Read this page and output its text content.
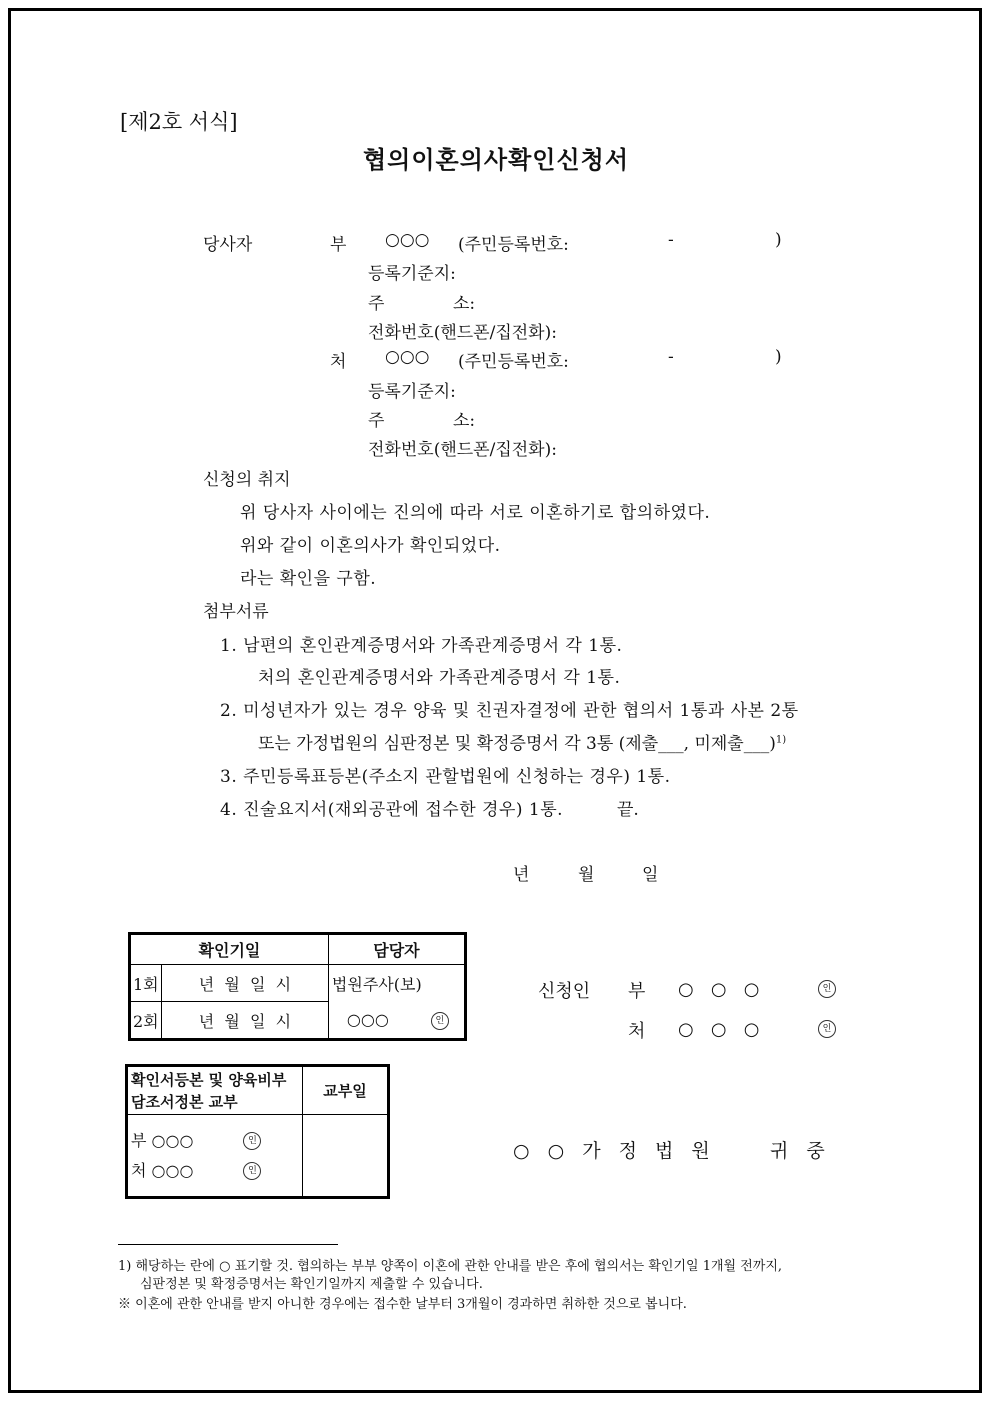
[제2호 서식]
협의이혼의사확인신청서
당사자	부 ○○○ (주민등록번호:	-	)
등록기준지:
주	소:
전화번호(핸드폰/집전화):
처 ○○○ (주민등록번호:	-	)
등록기준지:
주	소:
전화번호(핸드폰/집전화):
신청의 취지
위 당사자 사이에는 진의에 따라 서로 이혼하기로 합의하였다.
위와 같이 이혼의사가 확인되었다.
라는 확인을 구함.
첨부서류
1. 남편의 혼인관계증명서와 가족관계증명서 각 1통.
처의 혼인관계증명서와 가족관계증명서 각 1통.
2. 미성년자가 있는 경우 양육 및 친권자결정에 관한 협의서 1통과 사본 2통
또는 가정법원의 심판정본 및 확정증명서 각 3통 (제출___, 미제출___)$^{1)}$
3. 주민등록표등본(주소지 관할법원에 신청하는 경우) 1통.
4. 진술요지서(재외공관에 접수한 경우) 1통.	끝.
년	월	일
확인기일		담당자
1회	년  월  일  시	법원주사(보)
2회	년  월  일  시	○○○ 인
신청인 부 ○   ○   ○	인
처 ○   ○   ○	인
확인서등본 및 양육비부담조서정본 교부	교부일

부 ○○○ 인
처 ○○○ 인	

○ ○ 가 정 법 원	귀 중
1) 해당하는 란에 ○ 표기할 것. 협의하는 부부 양쪽이 이혼에 관한 안내를 받은 후에 협의서는 확인기일 1개월 전까지,
심판정본 및 확정증명서는 확인기일까지 제출할 수 있습니다.
※ 이혼에 관한 안내를 받지 아니한 경우에는 접수한 날부터 3개월이 경과하면 취하한 것으로 봅니다.
